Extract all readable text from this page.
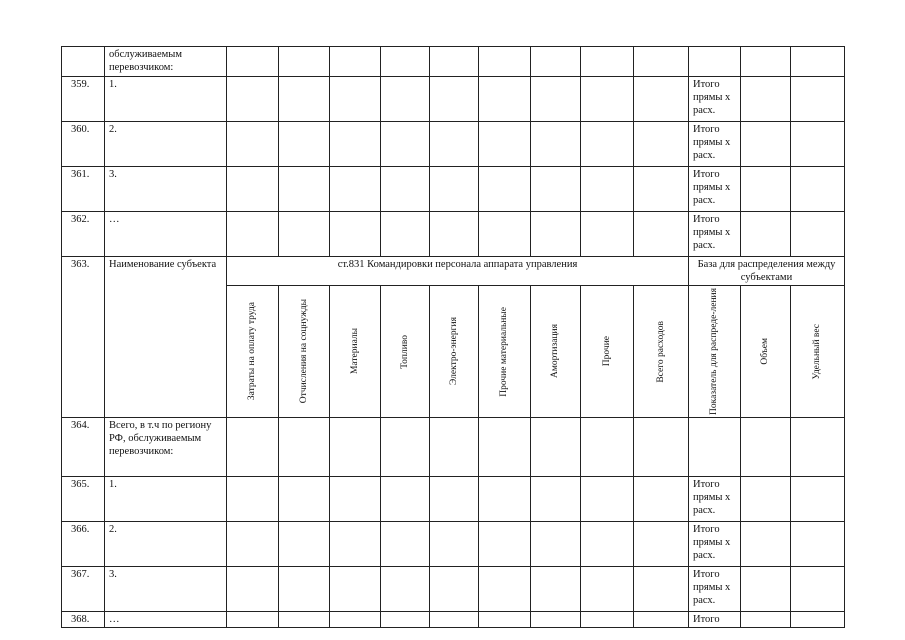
	обслуживаемым перевозчиком:												
359.	1.										Итого прямы х расх.		
360.	2.										Итого прямы х расх.		
361.	3.										Итого прямы х расх.		
362.	…										Итого прямы х расх.		
363.	Наименование субъекта	ст.831 Командировки персонала аппарата управления									База для распределения между субъектами		

		Затраты на оплату труда	Отчисления на соцнужды	Материалы	Топливо	Электро-энергия	Прочие материальные	Амортизация	Прочие	Всего расходов	Показатель для распреде-ления	Объем	Удельный вес

364.	Всего, в т.ч по региону РФ, обслуживаемым перевозчиком:												
365.	1.										Итого прямы х расх.		
366.	2.										Итого прямы х расх.		
367.	3.										Итого прямы х расх.		
368.	…										Итого		
